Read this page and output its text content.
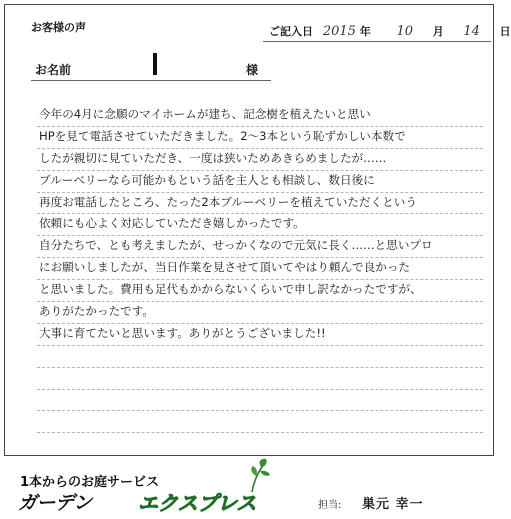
お客様の声	ご記入日 2015 年 10 月 14 日
お名前	様
今年の4月に念願のマイホームが建ち、記念樹を植えたいと思い
HPを見て電話させていただきました。2〜3本という恥ずかしい本数で
したが親切に見ていただき、一度は狭いためあきらめましたが……
ブルーベリーなら可能かもという話を主人とも相談し、数日後に
再度お電話したところ、たった2本ブルーベリーを植えていただくという
依頼にも心よく対応していただき嬉しかったです。
自分たちで、とも考えましたが、せっかくなので元気に長く……と思いプロ
にお願いしましたが、当日作業を見させて頂いてやはり頼んで良かった
と思いました。費用も足代もかからないくらいで申し訳なかったですが、
ありがたかったです。
大事に育てたいと思います。ありがとうございました!!
1本からのお庭サービス
ガーデン エクスプレス	担当: 巣元 幸一
